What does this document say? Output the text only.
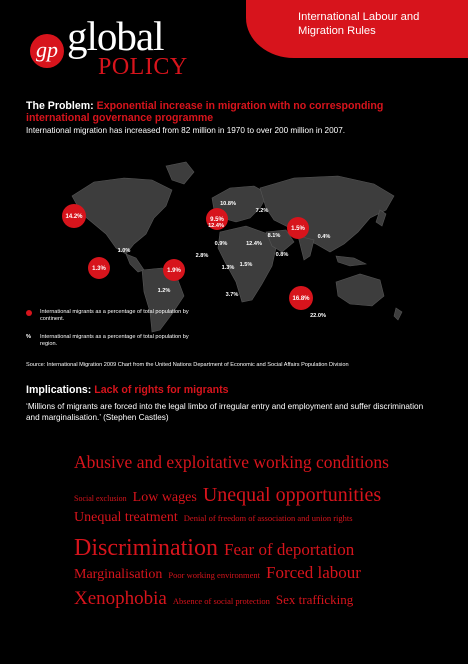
International Labour and Migration Rules
gp global
POLICY
The Problem: Exponential increase in migration with no corresponding international governance programme
International migration has increased from 82 million in 1970 to over 200 million in 2007.
14.2%
1.3%
9.5%
1.9%
1.5%
16.8%
1.0%
1.2%
10.8%
12.4%
7.2%
0.9%
8.1%
12.4%
0.4%
2.8%
1.3% 1.5%
0.8%
3.7%
22.0%
International migrants as a percentage of total population by continent.
% International migrants as a percentage of total population by region.
Source: International Migration 2009 Chart from the United Nations Department of Economic and Social Affairs Population Division
Implications: Lack of rights for migrants
‘Millions of migrants are forced into the legal limbo of irregular entry and employment and suffer discrimination and marginalisation.’ (Stephen Castles)
Abusive and exploitative working conditions
Social exclusion Low wages Unequal opportunities
Unequal treatment Denial of freedom of association and union rights
Discrimination Fear of deportation
Marginalisation Poor working environment Forced labour
Xenophobia Absence of social protection Sex trafficking
